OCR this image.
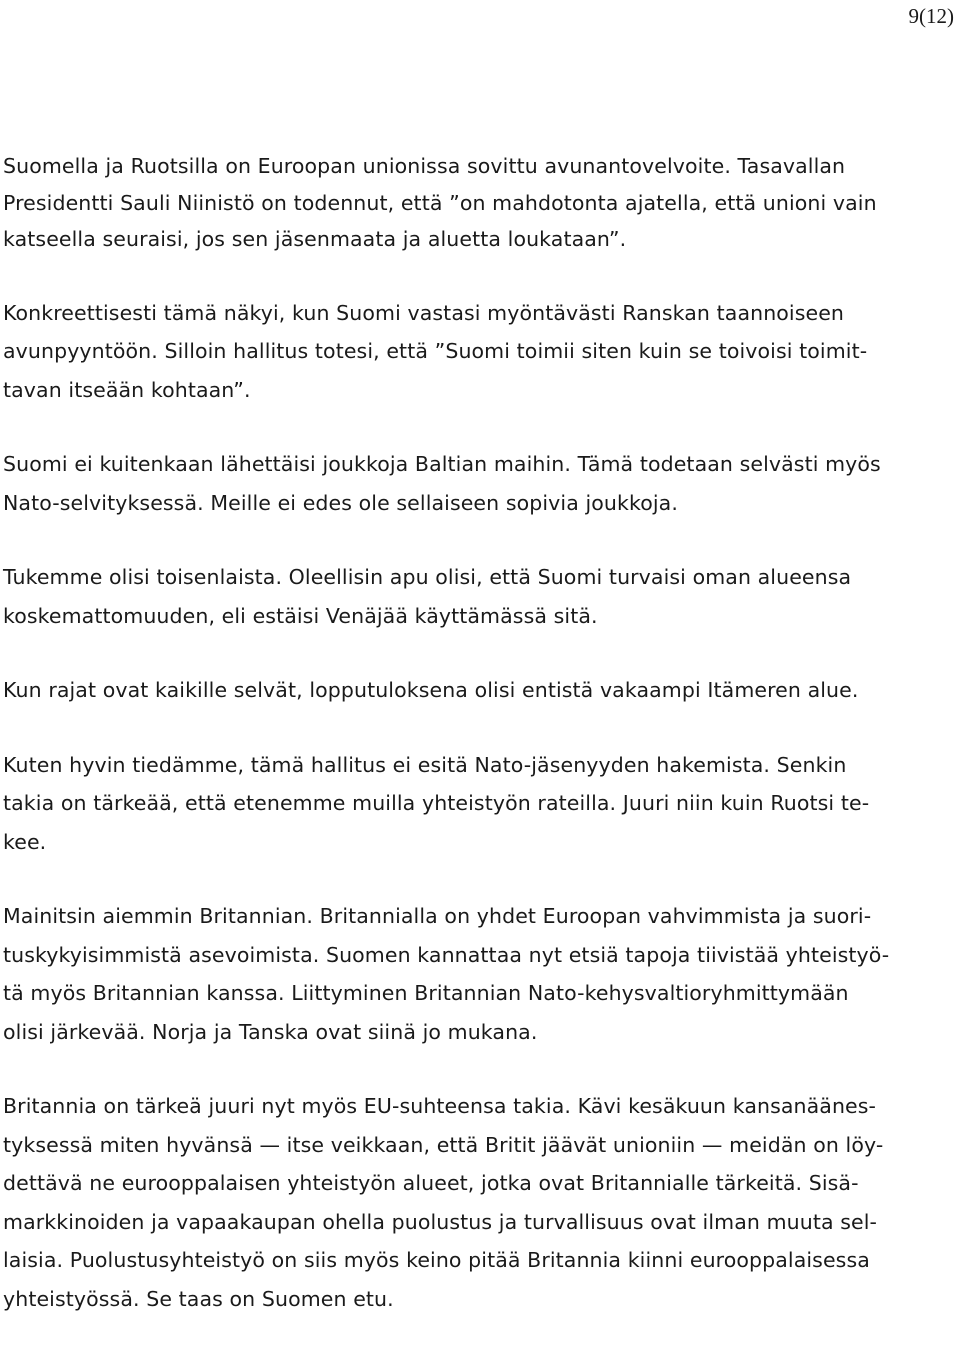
9(12)

Suomella ja Ruotsilla on Euroopan unionissa sovittu avunantovelvoite. Tasavallan
Presidentti Sauli Niinistö on todennut, että ”on mahdotonta ajatella, että unioni vain
katseella seuraisi, jos sen jäsenmaata ja aluetta loukataan”.

Konkreettisesti tämä näkyi, kun Suomi vastasi myöntävästi Ranskan taannoiseen
avunpyyntöön. Silloin hallitus totesi, että ”Suomi toimii siten kuin se toivoisi toimit-
tavan itseään kohtaan”.

Suomi ei kuitenkaan lähettäisi joukkoja Baltian maihin. Tämä todetaan selvästi myös
Nato-selvityksessä. Meille ei edes ole sellaiseen sopivia joukkoja.

Tukemme olisi toisenlaista. Oleellisin apu olisi, että Suomi turvaisi oman alueensa
koskemattomuuden, eli estäisi Venäjää käyttämässä sitä.

Kun rajat ovat kaikille selvät, lopputuloksena olisi entistä vakaampi Itämeren alue.

Kuten hyvin tiedämme, tämä hallitus ei esitä Nato-jäsenyyden hakemista. Senkin
takia on tärkeää, että etenemme muilla yhteistyön rateilla. Juuri niin kuin Ruotsi te-
kee.

Mainitsin aiemmin Britannian. Britannialla on yhdet Euroopan vahvimmista ja suori-
tuskykyisimmistä asevoimista. Suomen kannattaa nyt etsiä tapoja tiivistää yhteistyö-
tä myös Britannian kanssa. Liittyminen Britannian Nato-kehysvaltioryhmittymään
olisi järkevää. Norja ja Tanska ovat siinä jo mukana.

Britannia on tärkeä juuri nyt myös EU-suhteensa takia. Kävi kesäkuun kansanäänes-
tyksessä miten hyvänsä — itse veikkaan, että Britit jäävät unioniin — meidän on löy-
dettävä ne eurooppalaisen yhteistyön alueet, jotka ovat Britannialle tärkeitä. Sisä-
markkinoiden ja vapaakaupan ohella puolustus ja turvallisuus ovat ilman muuta sel-
laisia. Puolustusyhteistyö on siis myös keino pitää Britannia kiinni eurooppalaisessa
yhteistyössä. Se taas on Suomen etu.
